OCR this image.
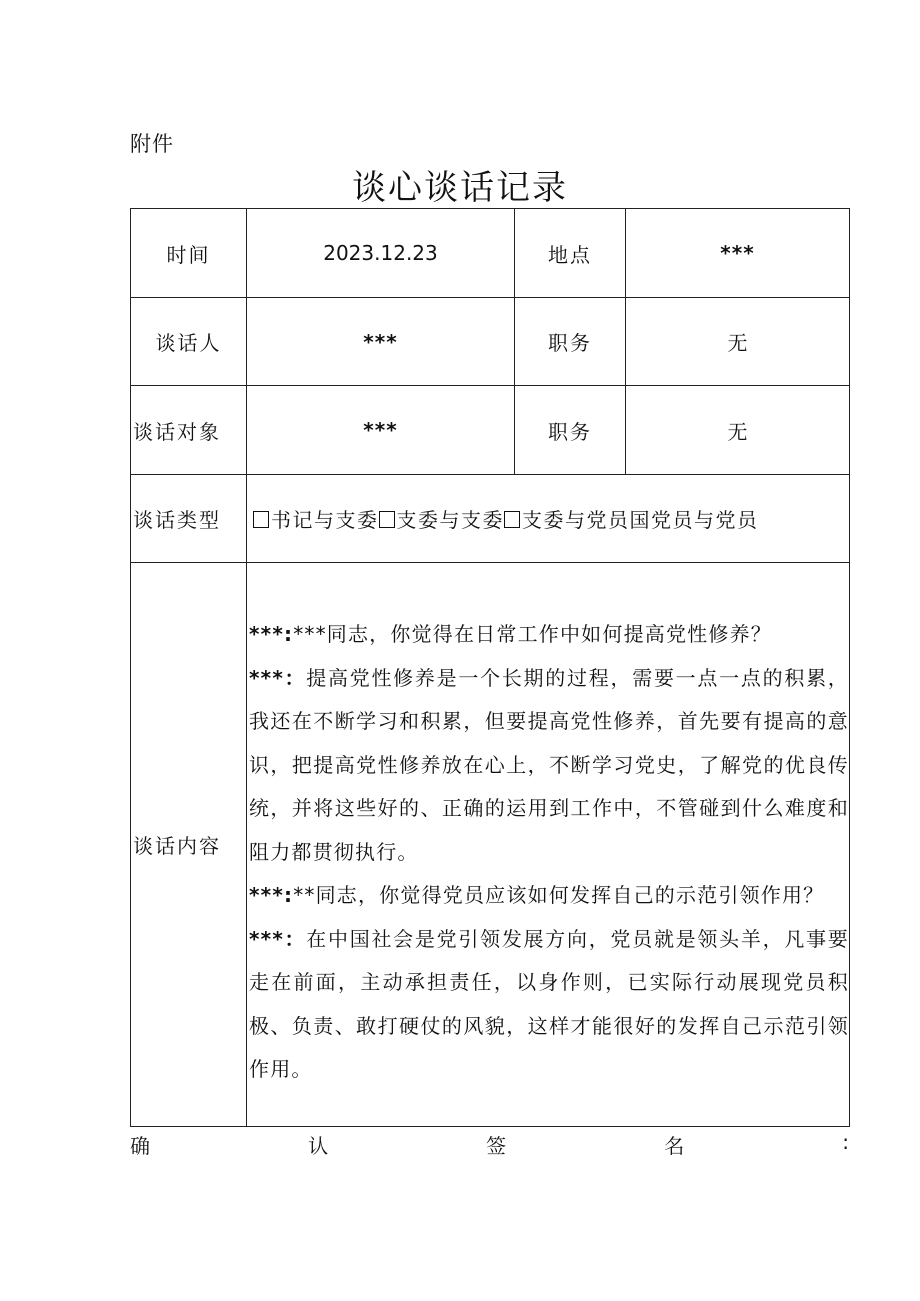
附件
谈心谈话记录
时间	2023.12.23	地点	***
谈话人	***	职务	无
谈话对象	***	职务	无
谈话类型	书记与支委 支委与支委 支委与党员国党员与党员		
谈话内容	***:***同志，你觉得在日常工作中如何提高党性修养？

***：提高党性修养是一个长期的过程，需要一点一点的积累，我还在不断学习和积累，但要提高党性修养，首先要有提高的意识，把提高党性修养放在心上，不断学习党史，了解党的优良传统，并将这些好的、正确的运用到工作中，不管碰到什么难度和阻力都贯彻执行。

***:**同志，你觉得党员应该如何发挥自己的示范引领作用？

***：在中国社会是党引领发展方向，党员就是领头羊，凡事要走在前面，主动承担责任，以身作则，已实际行动展现党员积极、负责、敢打硬仗的风貌，这样才能很好的发挥自己示范引领作用。		

确	认	签	名	:
